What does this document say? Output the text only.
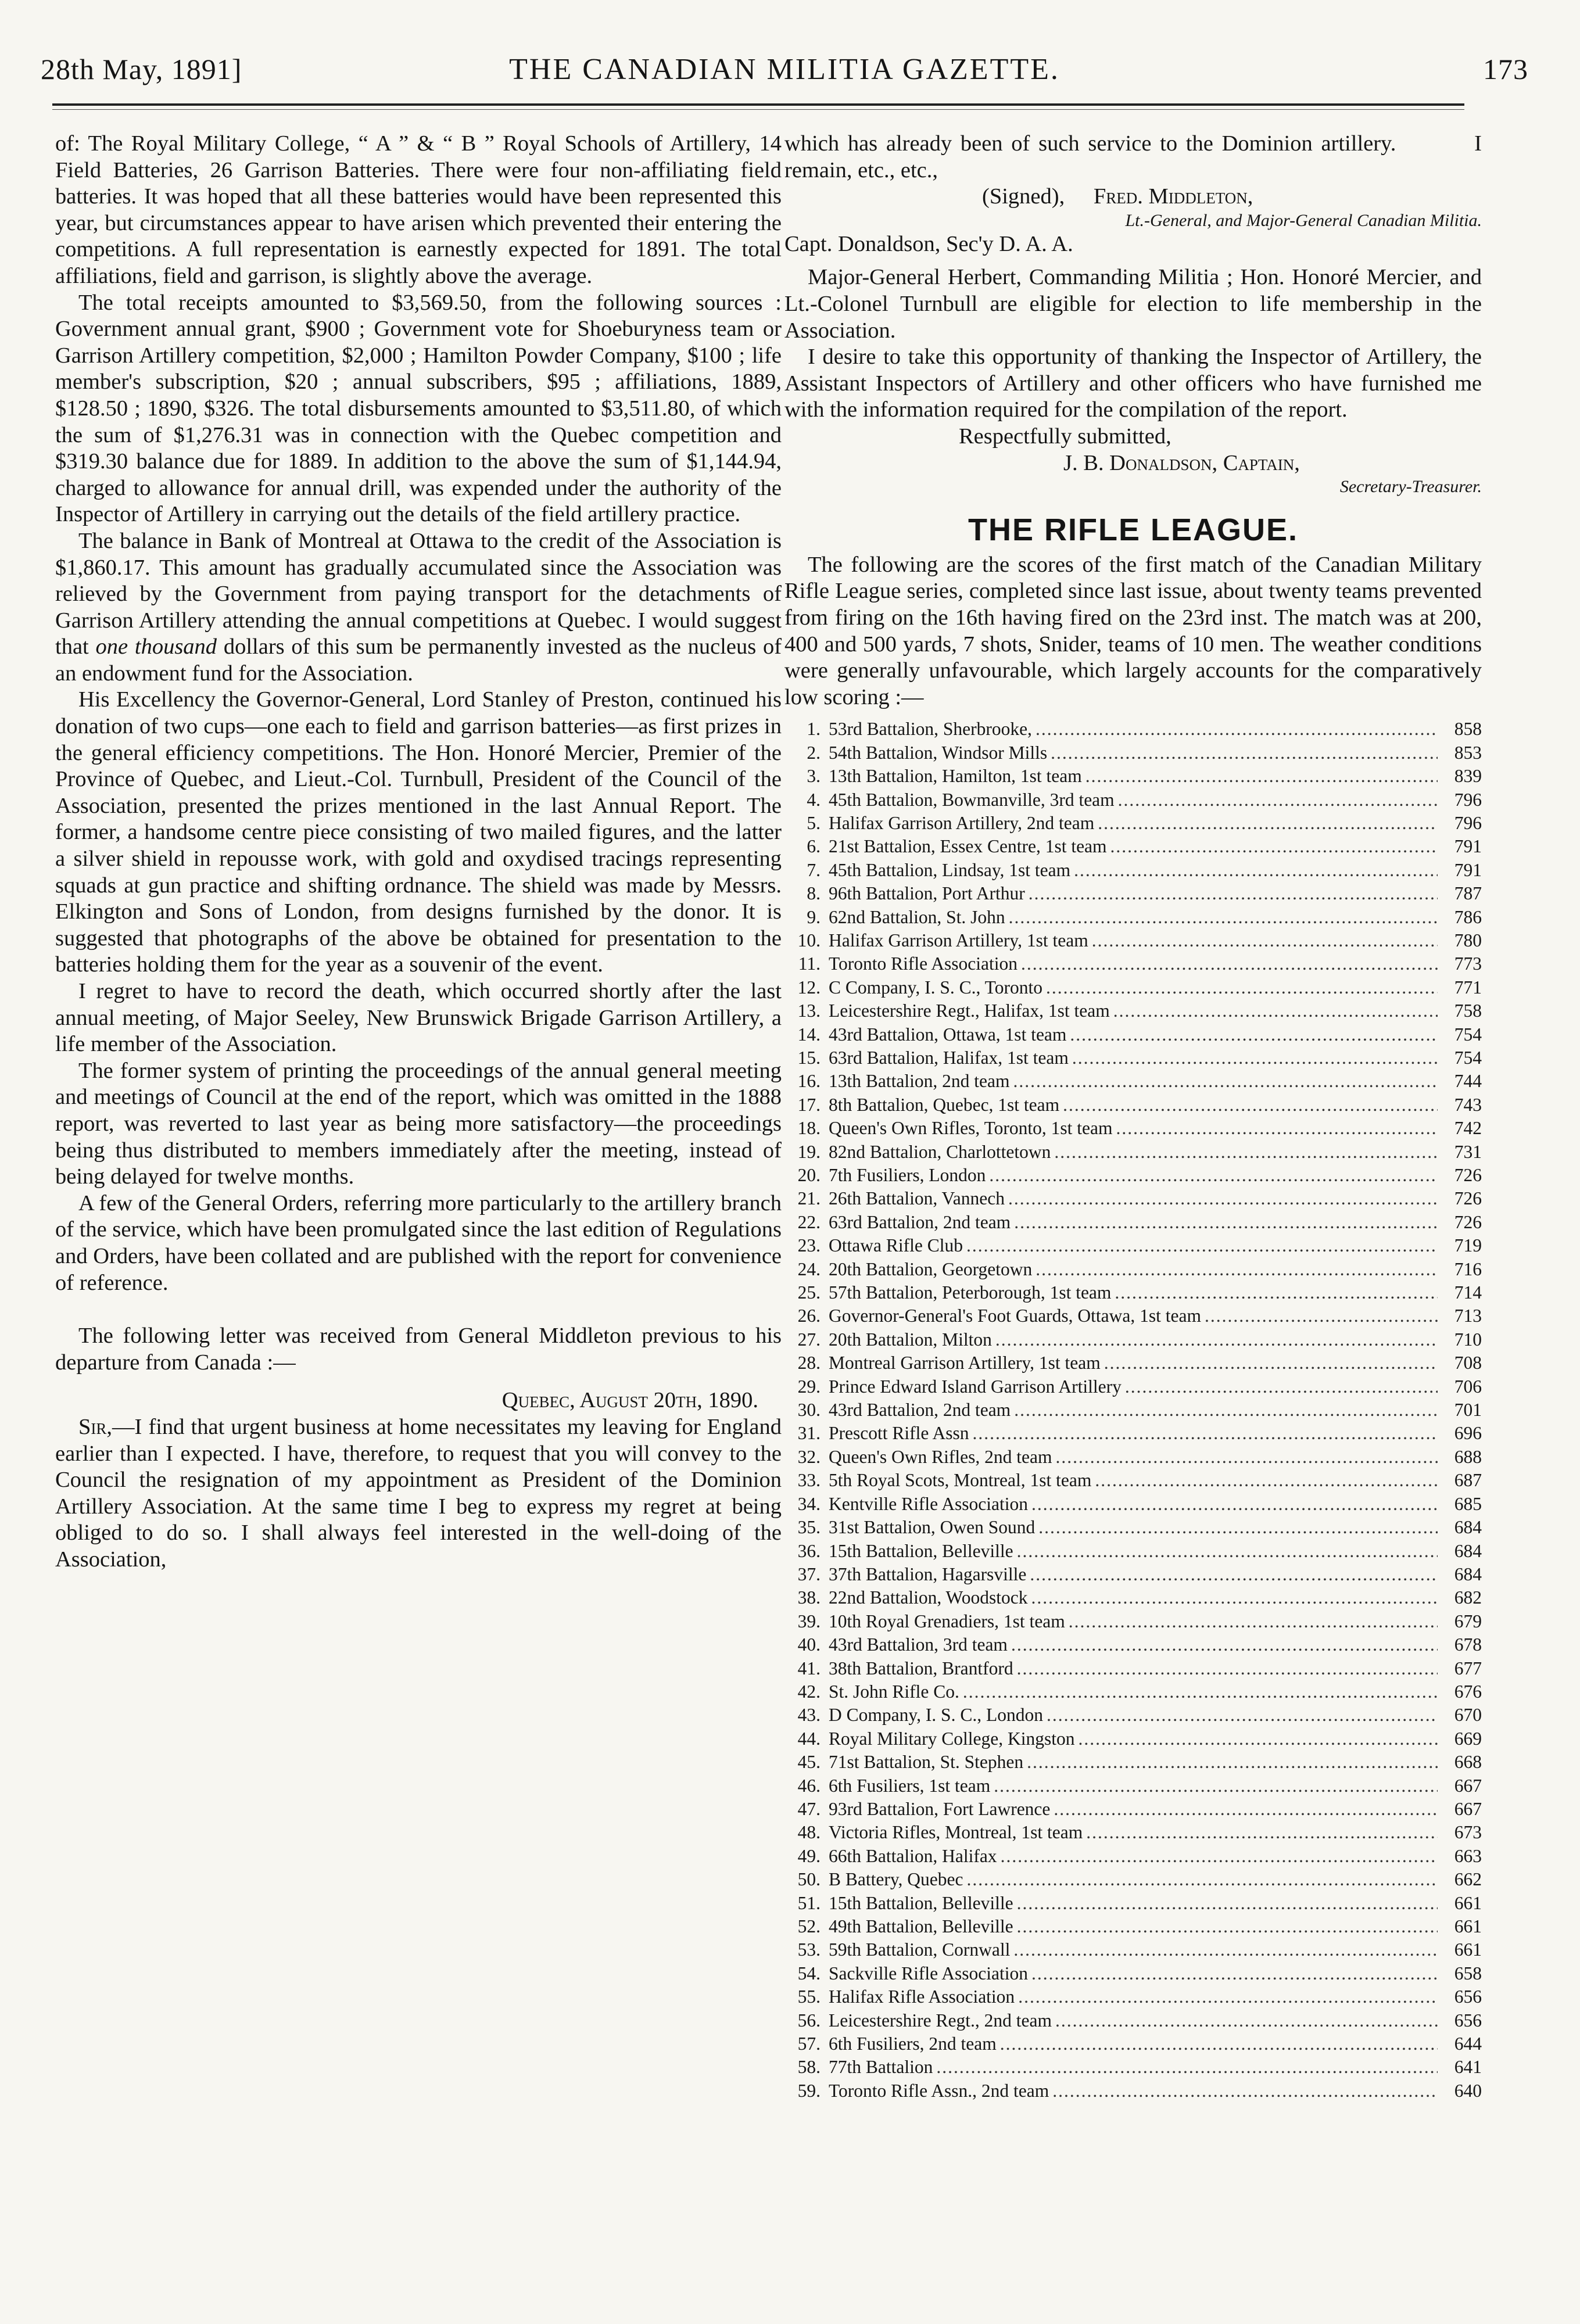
28th May, 1891]	THE CANADIAN MILITIA GAZETTE.	173

of: The Royal Military College, “ A ” & “ B ” Royal Schools of Artillery, 14 Field Batteries, 26 Garrison Batteries. There were four non-affiliating field batteries. It was hoped that all these batteries would have been represented this year, but circumstances appear to have arisen which prevented their entering the competitions. A full representation is earnestly expected for 1891. The total affiliations, field and garrison, is slightly above the average.

The total receipts amounted to $3,569.50, from the following sources : Government annual grant, $900 ; Government vote for Shoeburyness team or Garrison Artillery competition, $2,000 ; Hamilton Powder Company, $100 ; life member's subscription, $20 ; annual subscribers, $95 ; affiliations, 1889, $128.50 ; 1890, $326. The total disbursements amounted to $3,511.80, of which the sum of $1,276.31 was in connection with the Quebec competition and $319.30 balance due for 1889. In addition to the above the sum of $1,144.94, charged to allowance for annual drill, was expended under the authority of the Inspector of Artillery in carrying out the details of the field artillery practice.

The balance in Bank of Montreal at Ottawa to the credit of the Association is $1,860.17. This amount has gradually accumulated since the Association was relieved by the Government from paying transport for the detachments of Garrison Artillery attending the annual competitions at Quebec. I would suggest that one thousand dollars of this sum be permanently invested as the nucleus of an endowment fund for the Association.

His Excellency the Governor-General, Lord Stanley of Preston, continued his donation of two cups—one each to field and garrison batteries—as first prizes in the general efficiency competitions. The Hon. Honoré Mercier, Premier of the Province of Quebec, and Lieut.-Col. Turnbull, President of the Council of the Association, presented the prizes mentioned in the last Annual Report. The former, a handsome centre piece consisting of two mailed figures, and the latter a silver shield in repousse work, with gold and oxydised tracings representing squads at gun practice and shifting ordnance. The shield was made by Messrs. Elkington and Sons of London, from designs furnished by the donor. It is suggested that photographs of the above be obtained for presentation to the batteries holding them for the year as a souvenir of the event.

I regret to have to record the death, which occurred shortly after the last annual meeting, of Major Seeley, New Brunswick Brigade Garrison Artillery, a life member of the Association.

The former system of printing the proceedings of the annual general meeting and meetings of Council at the end of the report, which was omitted in the 1888 report, was reverted to last year as being more satisfactory—the proceedings being thus distributed to members immediately after the meeting, instead of being delayed for twelve months.

A few of the General Orders, referring more particularly to the artillery branch of the service, which have been promulgated since the last edition of Regulations and Orders, have been collated and are published with the report for convenience of reference.

The following letter was received from General Middleton previous to his departure from Canada :—

Quebec, August 20th, 1890.

Sir,—I find that urgent business at home necessitates my leaving for England earlier than I expected. I have, therefore, to request that you will convey to the Council the resignation of my appointment as President of the Dominion Artillery Association. At the same time I beg to express my regret at being obliged to do so. I shall always feel interested in the well-doing of the Association,

which has already been of such service to the Dominion artillery.	I remain, etc., etc.,

(Signed), Fred. Middleton,

Lt.-General, and Major-General Canadian Militia.

Capt. Donaldson, Sec'y D. A. A.

Major-General Herbert, Commanding Militia ; Hon. Honoré Mercier, and Lt.-Colonel Turnbull are eligible for election to life membership in the Association.

I desire to take this opportunity of thanking the Inspector of Artillery, the Assistant Inspectors of Artillery and other officers who have furnished me with the information required for the compilation of the report.

Respectfully submitted,

J. B. Donaldson, Captain,

Secretary-Treasurer.

THE RIFLE LEAGUE.

The following are the scores of the first match of the Canadian Military Rifle League series, completed since last issue, about twenty teams prevented from firing on the 16th having fired on the 23rd inst. The match was at 200, 400 and 500 yards, 7 shots, Snider, teams of 10 men. The weather conditions were generally unfavourable, which largely accounts for the comparatively low scoring :—

1. 53rd Battalion, Sherbrooke, .....	858
2. 54th Battalion, Windsor Mills .....	853
3. 13th Battalion, Hamilton, 1st team .....	839
4. 45th Battalion, Bowmanville, 3rd team .....	796
5. Halifax Garrison Artillery, 2nd team .....	796
6. 21st Battalion, Essex Centre, 1st team .....	791
7. 45th Battalion, Lindsay, 1st team .....	791
8. 96th Battalion, Port Arthur .....	787
9. 62nd Battalion, St. John .....	786
10. Halifax Garrison Artillery, 1st team .....	780
11. Toronto Rifle Association .....	773
12. C Company, I. S. C., Toronto .....	771
13. Leicestershire Regt., Halifax, 1st team .....	758
14. 43rd Battalion, Ottawa, 1st team .....	754
15. 63rd Battalion, Halifax, 1st team .....	754
16. 13th Battalion, 2nd team .....	744
17. 8th Battalion, Quebec, 1st team .....	743
18. Queen's Own Rifles, Toronto, 1st team .....	742
19. 82nd Battalion, Charlottetown .....	731
20. 7th Fusiliers, London .....	726
21. 26th Battalion, Vannech .....	726
22. 63rd Battalion, 2nd team .....	726
23. Ottawa Rifle Club .....	719
24. 20th Battalion, Georgetown .....	716
25. 57th Battalion, Peterborough, 1st team .....	714
26. Governor-General's Foot Guards, Ottawa, 1st team .....	713
27. 20th Battalion, Milton .....	710
28. Montreal Garrison Artillery, 1st team .....	708
29. Prince Edward Island Garrison Artillery .....	706
30. 43rd Battalion, 2nd team .....	701
31. Prescott Rifle Assn .....	696
32. Queen's Own Rifles, 2nd team .....	688
33. 5th Royal Scots, Montreal, 1st team .....	687
34. Kentville Rifle Association .....	685
35. 31st Battalion, Owen Sound .....	684
36. 15th Battalion, Belleville .....	684
37. 37th Battalion, Hagarsville .....	684
38. 22nd Battalion, Woodstock .....	682
39. 10th Royal Grenadiers, 1st team .....	679
40. 43rd Battalion, 3rd team .....	678
41. 38th Battalion, Brantford .....	677
42. St. John Rifle Co. .....	676
43. D Company, I. S. C., London .....	670
44. Royal Military College, Kingston .....	669
45. 71st Battalion, St. Stephen .....	668
46. 6th Fusiliers, 1st team .....	667
47. 93rd Battalion, Fort Lawrence .....	667
48. Victoria Rifles, Montreal, 1st team .....	673
49. 66th Battalion, Halifax .....	663
50. B Battery, Quebec .....	662
51. 15th Battalion, Belleville .....	661
52. 49th Battalion, Belleville .....	661
53. 59th Battalion, Cornwall .....	661
54. Sackville Rifle Association .....	658
55. Halifax Rifle Association .....	656
56. Leicestershire Regt., 2nd team .....	656
57. 6th Fusiliers, 2nd team .....	644
58. 77th Battalion .....	641
59. Toronto Rifle Assn., 2nd team .....	640
